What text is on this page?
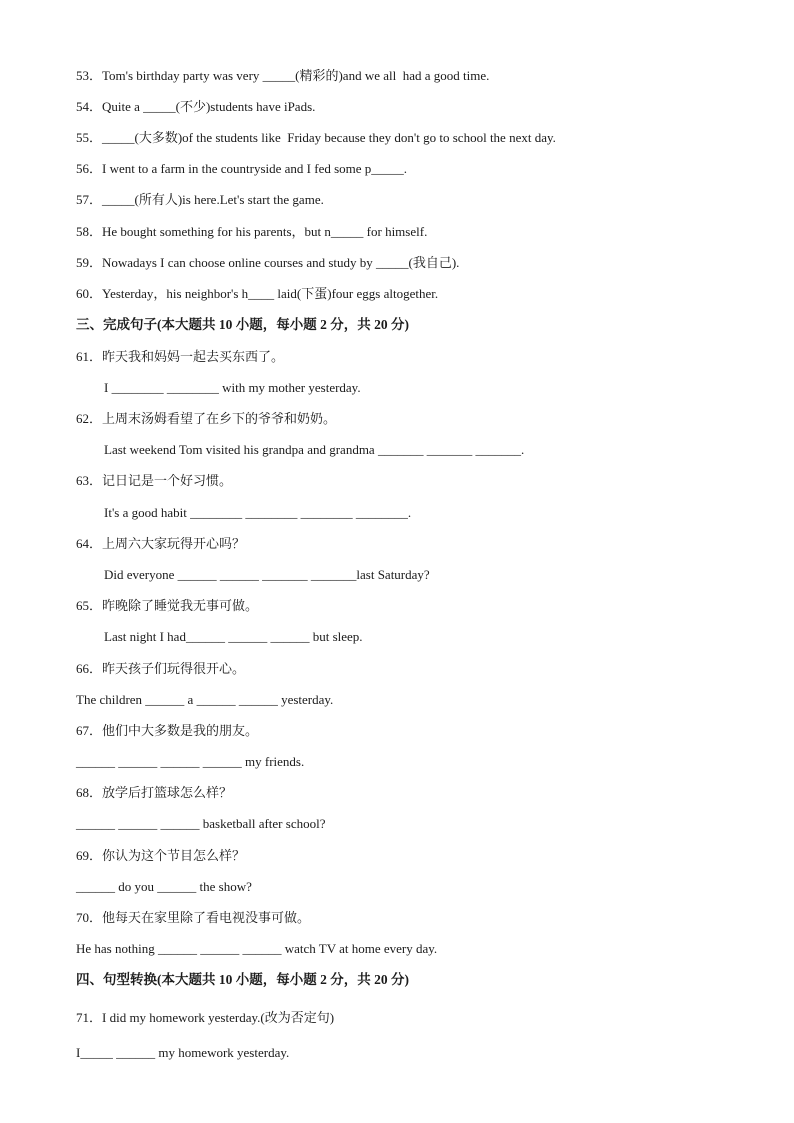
53．Tom's birthday party was very _____(精彩的)and we all  had a good time.
54．Quite a _____(不少)students have iPads.
55．_____(大多数)of the students like  Friday because they don't go to school the next day.
56．I went to a farm in the countryside and I fed some p_____.
57．_____(所有人)is here.Let's start the game.
58．He bought something for his parents，but n_____ for himself.
59．Nowadays I can choose online courses and study by _____(我自己).
60．Yesterday，his neighbor's h____ laid(下蛋)four eggs altogether.
三、完成句子(本大题共 10 小题，每小题 2 分，共 20 分)
61．昨天我和妈妈一起去买东西了。
I ________ ________ with my mother yesterday.
62．上周末汤姆看望了在乡下的爷爷和奶奶。
Last weekend Tom visited his grandpa and grandma _______ _______ _______.
63．记日记是一个好习惯。
It's a good habit ________ ________ ________ ________.
64．上周六大家玩得开心吗？
Did everyone ______ ______ _______ _______last Saturday?
65．昨晚除了睡觉我无事可做。
Last night I had______ ______ ______ but sleep.
66．昨天孩子们玩得很开心。
The children ______ a ______ ______ yesterday.
67．他们中大多数是我的朋友。
______ ______ ______ ______ my friends.
68．放学后打篮球怎么样？
______ ______ ______ basketball after school?
69．你认为这个节目怎么样？
______ do you ______ the show?
70．他每天在家里除了看电视没事可做。
He has nothing ______ ______ ______ watch TV at home every day.
四、句型转换(本大题共 10 小题，每小题 2 分，共 20 分)
71．I did my homework yesterday.(改为否定句)
I_____ ______ my homework yesterday.
